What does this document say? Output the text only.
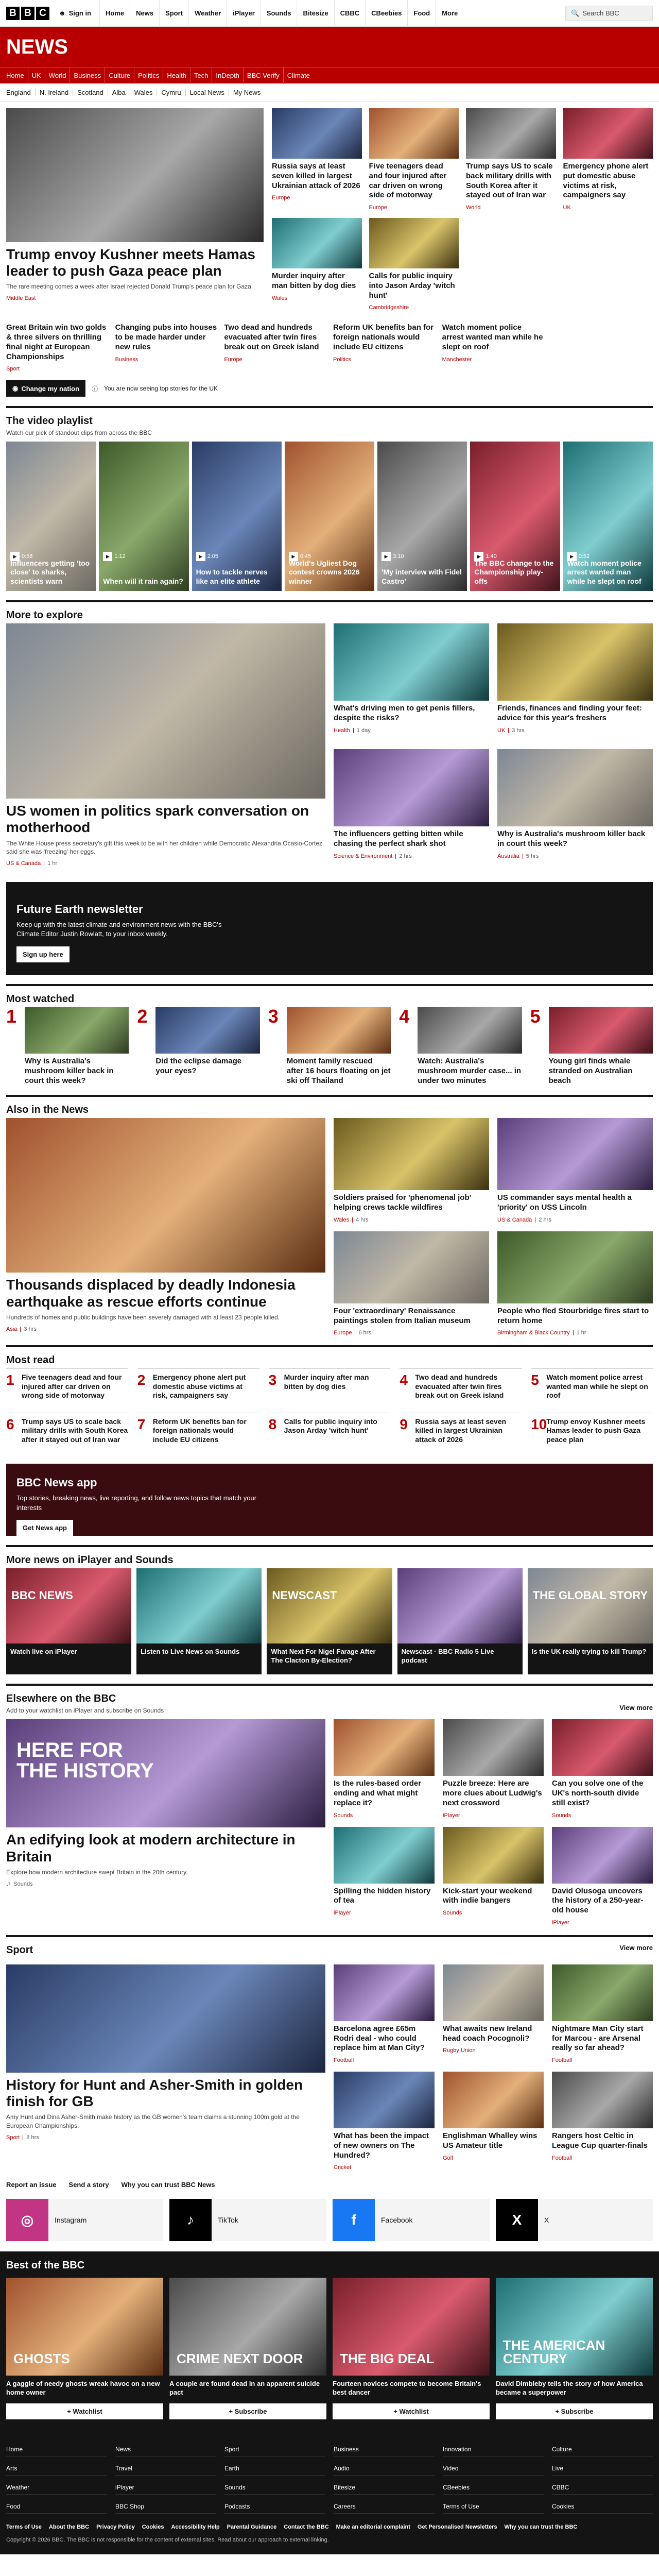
B B C	☻ Sign in	Home	News	Sport	Weather	iPlayer	Sounds	Bitesize	CBBC	CBeebies	Food	More	🔍 Search BBC
NEWS
Home	UK	World	Business	Culture	Politics	Health	Tech	InDepth	BBC Verify	Climate
England	N. Ireland	Scotland	Alba	Wales	Cymru	Local News	My News
Trump envoy Kushner meets Hamas leader to push Gaza peace plan
The rare meeting comes a week after Israel rejected Donald Trump's peace plan for Gaza.
Middle East
Russia says at least seven killed in largest Ukrainian attack of 2026
Europe
Five teenagers dead and four injured after car driven on wrong side of motorway
Europe
Trump says US to scale back military drills with South Korea after it stayed out of Iran war
World
Emergency phone alert put domestic abuse victims at risk, campaigners say
UK
Murder inquiry after man bitten by dog dies
Wales
Calls for public inquiry into Jason Arday 'witch hunt'
Cambridgeshire
Great Britain win two golds & three silvers on thrilling final night at European Championships
Sport
Changing pubs into houses to be made harder under new rules
Business
Two dead and hundreds evacuated after twin fires break out on Greek island
Europe
Reform UK benefits ban for foreign nationals would include EU citizens
Politics
Watch moment police arrest wanted man while he slept on roof
Manchester
◉ Change my nation ⓘ You are now seeing top stories for the UK
The video playlist
Watch our pick of standout clips from across the BBC
▶ 0:58
Influencers getting 'too close' to sharks, scientists warn
▶ 1:12
When will it rain again?
▶ 2:05
How to tackle nerves like an elite athlete
▶ 0:45
World's Ugliest Dog contest crowns 2026 winner
▶ 3:10
'My interview with Fidel Castro'
▶ 1:40
The BBC change to the Championship play-offs
▶ 0:52
Watch moment police arrest wanted man while he slept on roof
More to explore
US women in politics spark conversation on motherhood
The White House press secretary's gift this week to be with her children while Democratic Alexandria Ocasio-Cortez said she was 'freezing' her eggs.
US & Canada 1 hr
What's driving men to get penis fillers, despite the risks?
Health 1 day
Friends, finances and finding your feet: advice for this year's freshers
UK 3 hrs
The influencers getting bitten while chasing the perfect shark shot
Science & Environment 2 hrs
Why is Australia's mushroom killer back in court this week?
Australia 5 hrs
Future Earth newsletter

Keep up with the latest climate and environment news with the BBC's Climate Editor Justin Rowlatt, to your inbox weekly.

Sign up here
Most watched
1
Why is Australia's mushroom killer back in court this week?
2
Did the eclipse damage your eyes?
3
Moment family rescued after 16 hours floating on jet ski off Thailand
4
Watch: Australia's mushroom murder case... in under two minutes
5
Young girl finds whale stranded on Australian beach
Also in the News
Thousands displaced by deadly Indonesia earthquake as rescue efforts continue
Hundreds of homes and public buildings have been severely damaged with at least 23 people killed.
Asia 3 hrs
Soldiers praised for 'phenomenal job' helping crews tackle wildfires
Wales 4 hrs
US commander says mental health a 'priority' on USS Lincoln
US & Canada 2 hrs
Four 'extraordinary' Renaissance paintings stolen from Italian museum
Europe 6 hrs
People who fled Stourbridge fires start to return home
Birmingham & Black Country 1 hr
Most read
1	Five teenagers dead and four injured after car driven on wrong side of motorway
2	Emergency phone alert put domestic abuse victims at risk, campaigners say
3	Murder inquiry after man bitten by dog dies	4	Two dead and hundreds evacuated after twin fires break out on Greek island
5	Watch moment police arrest wanted man while he slept on roof
6	Trump says US to scale back military drills with South Korea after it stayed out of Iran war
7	Reform UK benefits ban for foreign nationals would include EU citizens
8	Calls for public inquiry into Jason Arday 'witch hunt'	9	Russia says at least seven killed in largest Ukrainian attack of 2026
10
Trump envoy Kushner meets Hamas leader to push Gaza peace plan
BBC News app

Top stories, breaking news, live reporting, and follow news topics that match your interests

Get News app
More news on iPlayer and Sounds
BBC NEWS
Watch live on iPlayer	Listen to Live News on Sounds
NEWSCAST
What Next For Nigel Farage After The Clacton By-Election?
Newscast · BBC Radio 5 Live podcast
THE GLOBAL STORY
Is the UK really trying to kill Trump?
Elsewhere on the BBC
Add to your watchlist on iPlayer and subscribe on Sounds	View more
HERE FOR THE HISTORY
An edifying look at modern architecture in Britain
Explore how modern architecture swept Britain in the 20th century.
♫ Sounds
Is the rules-based order ending and what might replace it?
Sounds
Puzzle breeze: Here are more clues about Ludwig's next crossword
iPlayer
Can you solve one of the UK's north-south divide still exist?
Sounds
Spilling the hidden history of tea
iPlayer
Kick-start your weekend with indie bangers
Sounds
David Olusoga uncovers the history of a 250-year-old house
iPlayer
Sport	View more
History for Hunt and Asher-Smith in golden finish for GB
Amy Hunt and Dina Asher-Smith make history as the GB women's team claims a stunning 100m gold at the European Championships.
Sport 8 hrs
Barcelona agree £65m Rodri deal - who could replace him at Man City?
Football
What awaits new Ireland head coach Pocognoli?
Rugby Union
Nightmare Man City start for Marcou - are Arsenal really so far ahead?
Football
What has been the impact of new owners on The Hundred?
Cricket
Englishman Whalley wins US Amateur title
Golf
Rangers host Celtic in League Cup quarter-finals
Football
Report an issue Send a story Why you can trust BBC News
◎	Instagram	♪	TikTok	f	Facebook	X	X
Best of the BBC
GHOSTS
A gaggle of needy ghosts wreak havoc on a new home owner
+ Watchlist
CRIME NEXT DOOR
A couple are found dead in an apparent suicide pact
+ Subscribe
THE BIG DEAL
Fourteen novices compete to become Britain's best dancer
+ Watchlist
THE AMERICAN CENTURY
David Dimbleby tells the story of how America became a superpower
+ Subscribe
Home	News	Sport	Business	Innovation	Culture
Arts	Travel	Earth	Audio	Video	Live
Weather	iPlayer	Sounds	Bitesize	CBeebies	CBBC
Food	BBC Shop	Podcasts	Careers	Terms of Use	Cookies
Terms of Use About the BBC Privacy Policy Cookies Accessibility Help Parental Guidance Contact the BBC Make an editorial complaint Get Personalised Newsletters Why you can trust the BBC
Copyright © 2026 BBC. The BBC is not responsible for the content of external sites. Read about our approach to external linking.
